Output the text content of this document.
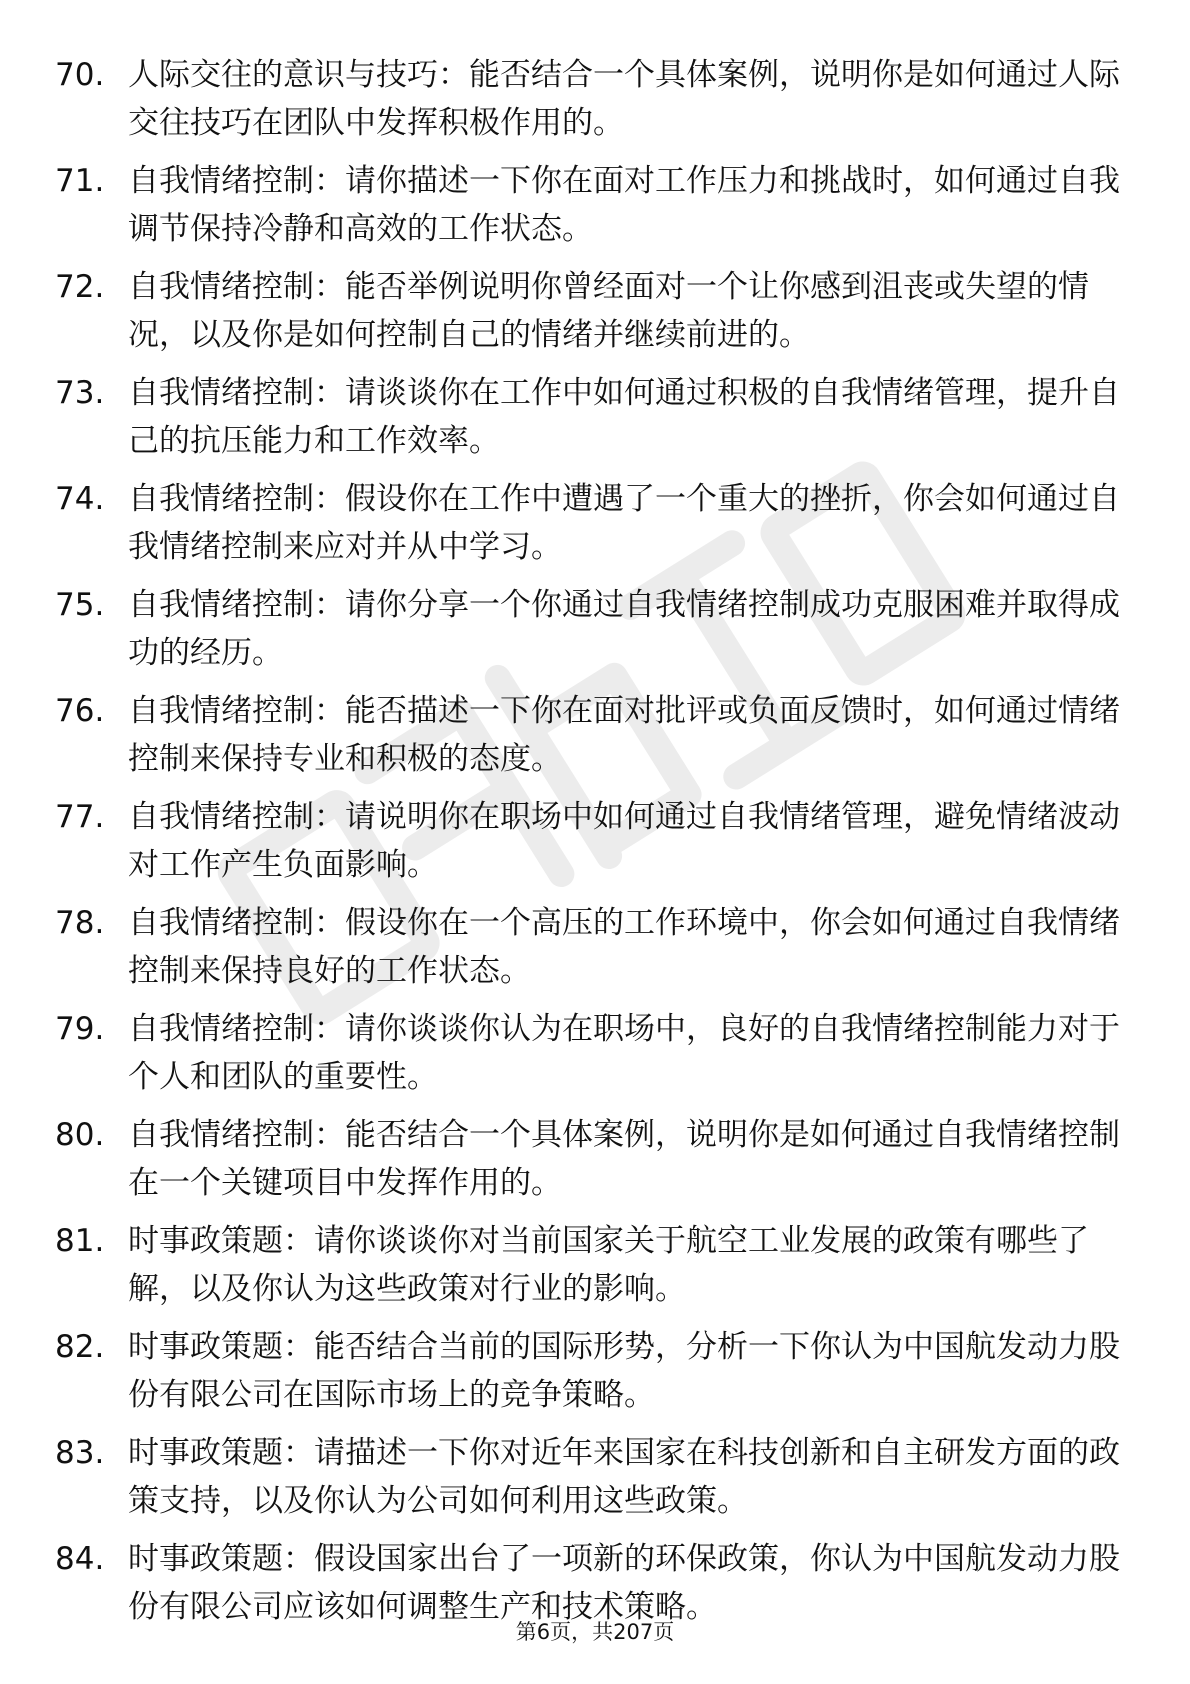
70. 人际交往的意识与技巧：能否结合一个具体案例，说明你是如何通过人际交往技巧在团队中发挥积极作用的。

71. 自我情绪控制：请你描述一下你在面对工作压力和挑战时，如何通过自我调节保持冷静和高效的工作状态。

72. 自我情绪控制：能否举例说明你曾经面对一个让你感到沮丧或失望的情况，以及你是如何控制自己的情绪并继续前进的。

73. 自我情绪控制：请谈谈你在工作中如何通过积极的自我情绪管理，提升自己的抗压能力和工作效率。

74. 自我情绪控制：假设你在工作中遭遇了一个重大的挫折，你会如何通过自我情绪控制来应对并从中学习。

75. 自我情绪控制：请你分享一个你通过自我情绪控制成功克服困难并取得成功的经历。

76. 自我情绪控制：能否描述一下你在面对批评或负面反馈时，如何通过情绪控制来保持专业和积极的态度。

77. 自我情绪控制：请说明你在职场中如何通过自我情绪管理，避免情绪波动对工作产生负面影响。

78. 自我情绪控制：假设你在一个高压的工作环境中，你会如何通过自我情绪控制来保持良好的工作状态。

79. 自我情绪控制：请你谈谈你认为在职场中，良好的自我情绪控制能力对于个人和团队的重要性。

80. 自我情绪控制：能否结合一个具体案例，说明你是如何通过自我情绪控制在一个关键项目中发挥作用的。

81. 时事政策题：请你谈谈你对当前国家关于航空工业发展的政策有哪些了解，以及你认为这些政策对行业的影响。

82. 时事政策题：能否结合当前的国际形势，分析一下你认为中国航发动力股份有限公司在国际市场上的竞争策略。

83. 时事政策题：请描述一下你对近年来国家在科技创新和自主研发方面的政策支持，以及你认为公司如何利用这些政策。

84. 时事政策题：假设国家出台了一项新的环保政策，你认为中国航发动力股份有限公司应该如何调整生产和技术策略。

第6页，共207页
